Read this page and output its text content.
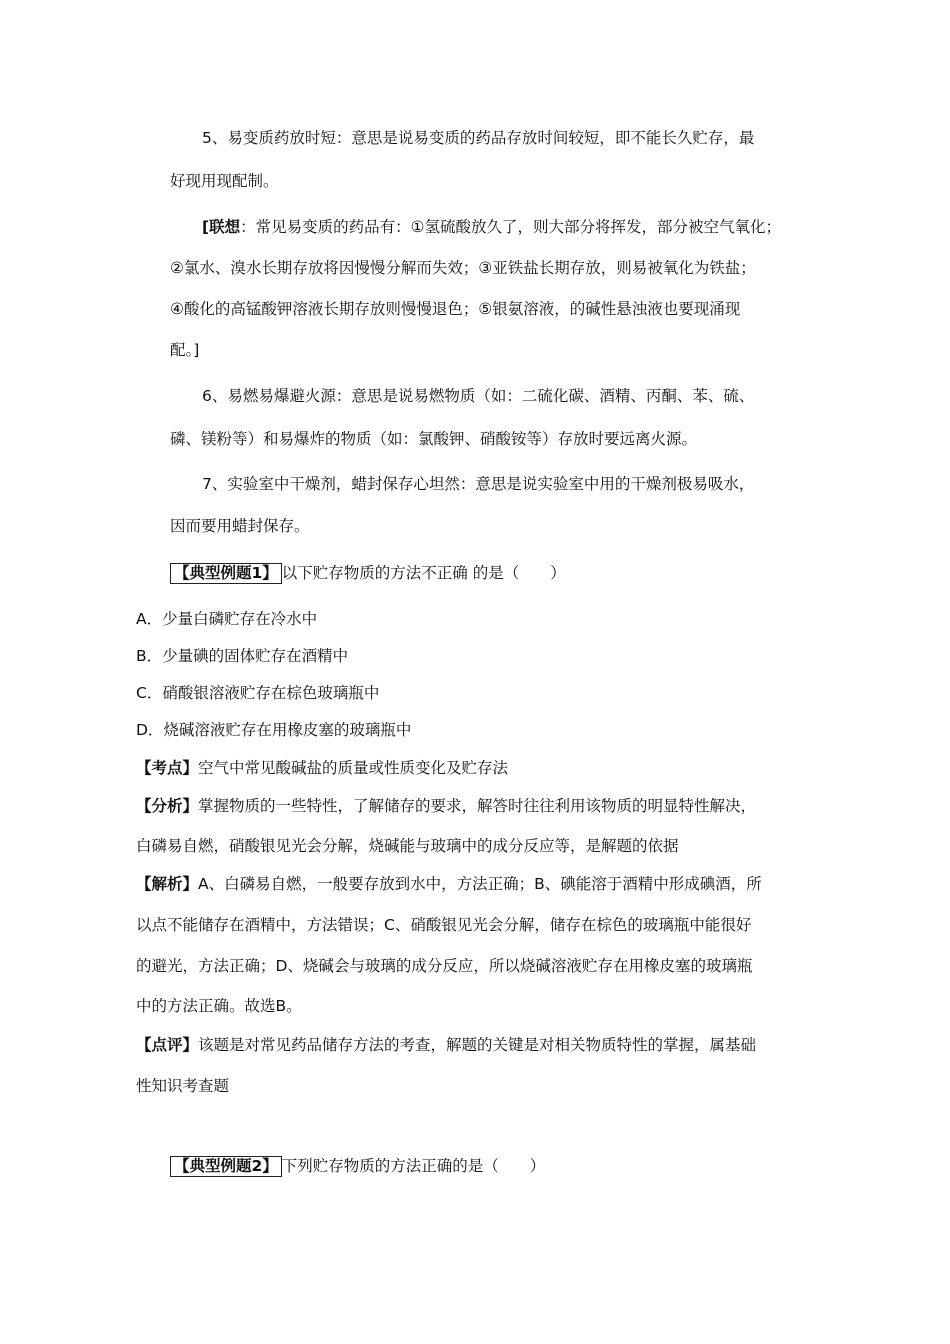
5、易变质药放时短：意思是说易变质的药品存放时间较短，即不能长久贮存，最
好现用现配制。
[联想：常见易变质的药品有：①氢硫酸放久了，则大部分将挥发，部分被空气氧化；
②氯水、溴水长期存放将因慢慢分解而失效；③亚铁盐长期存放，则易被氧化为铁盐；
④酸化的高锰酸钾溶液长期存放则慢慢退色；⑤银氨溶液，的碱性悬浊液也要现涌现
配。]
6、易燃易爆避火源：意思是说易燃物质（如：二硫化碳、酒精、丙酮、苯、硫、
磷、镁粉等）和易爆炸的物质（如：氯酸钾、硝酸铵等）存放时要远离火源。
7、实验室中干燥剂，蜡封保存心坦然：意思是说实验室中用的干燥剂极易吸水，
因而要用蜡封保存。
【典型例题1】 以下贮存物质的方法不正确 的是（　　）
A．少量白磷贮存在冷水中
B．少量碘的固体贮存在酒精中
C．硝酸银溶液贮存在棕色玻璃瓶中
D．烧碱溶液贮存在用橡皮塞的玻璃瓶中
【考点】空气中常见酸碱盐的质量或性质变化及贮存法
【分析】掌握物质的一些特性，了解储存的要求，解答时往往利用该物质的明显特性解决，
白磷易自燃，硝酸银见光会分解，烧碱能与玻璃中的成分反应等，是解题的依据
【解析】A、白磷易自燃，一般要存放到水中，方法正确；B、碘能溶于酒精中形成碘酒，所
以点不能储存在酒精中，方法错误；C、硝酸银见光会分解，储存在棕色的玻璃瓶中能很好
的避光，方法正确；D、烧碱会与玻璃的成分反应，所以烧碱溶液贮存在用橡皮塞的玻璃瓶
中的方法正确。故选B。
【点评】该题是对常见药品储存方法的考查，解题的关键是对相关物质特性的掌握，属基础
性知识考查题
【典型例题2】 下列贮存物质的方法正确的是（　　）
